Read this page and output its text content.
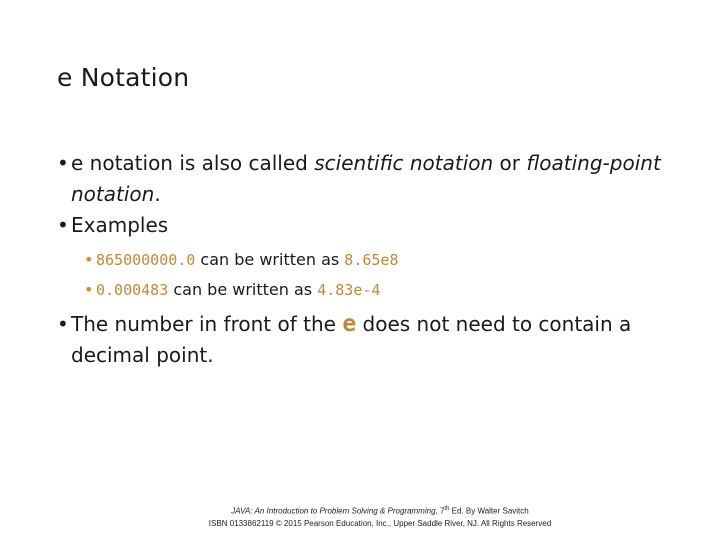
e Notation
• e notation is also called scientific notation or floating-point notation.
• Examples
• 865000000.0 can be written as 8.65e8
• 0.000483 can be written as 4.83e-4
• The number in front of the e does not need to contain a decimal point.
JAVA: An Introduction to Problem Solving & Programming, 7th Ed. By Walter Savitch
ISBN 0133862119 © 2015 Pearson Education, Inc., Upper Saddle River, NJ. All Rights Reserved
